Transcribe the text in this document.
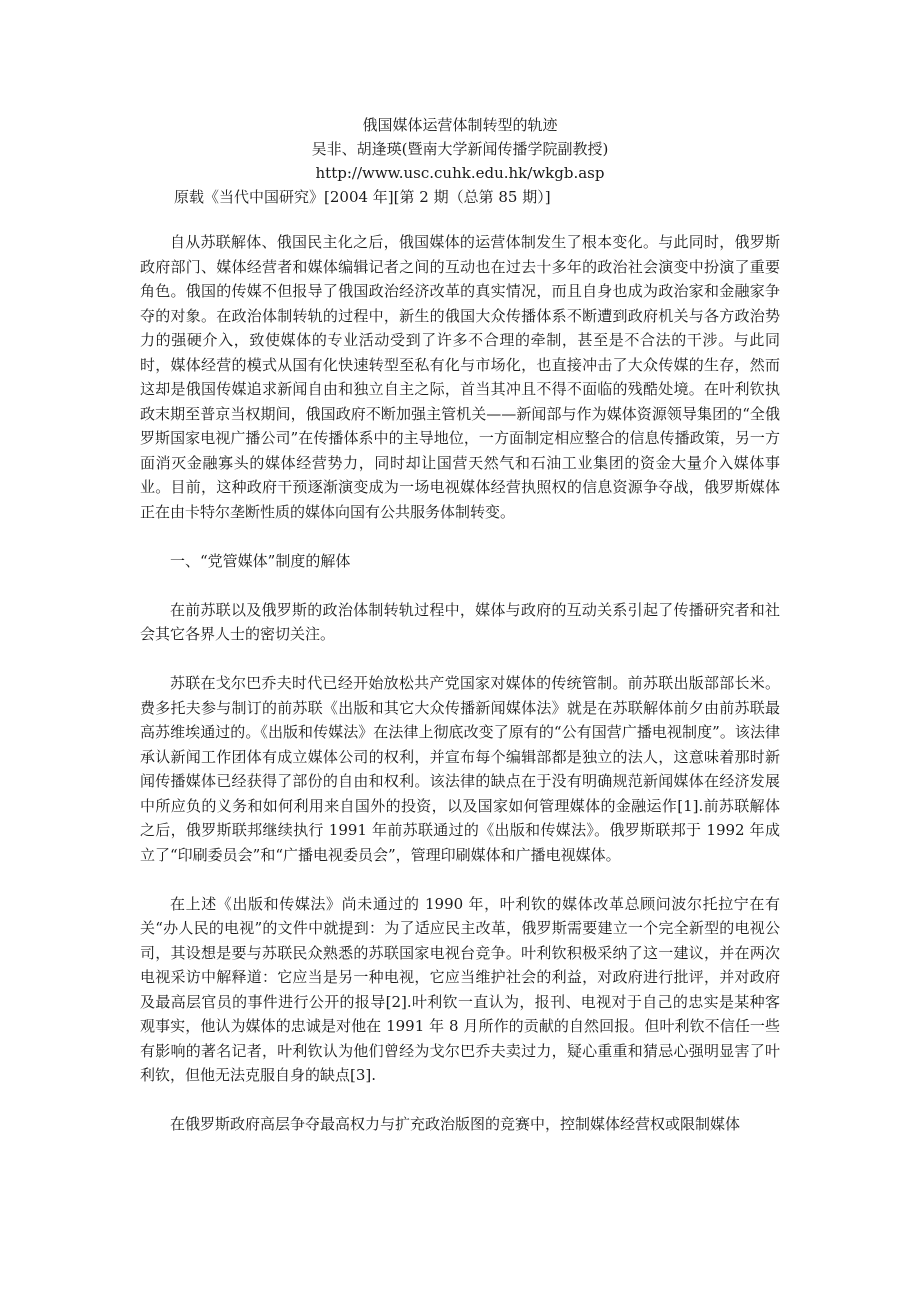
俄国媒体运营体制转型的轨迹
吴非、胡逢瑛(暨南大学新闻传播学院副教授)
http://www.usc.cuhk.edu.hk/wkgb.asp
原载《当代中国研究》[2004 年][第 2 期（总第 85 期）]

自从苏联解体、俄国民主化之后，俄国媒体的运营体制发生了根本变化。与此同时，俄罗斯政府部门、媒体经营者和媒体编辑记者之间的互动也在过去十多年的政治社会演变中扮演了重要角色。俄国的传媒不但报导了俄国政治经济改革的真实情况，而且自身也成为政治家和金融家争夺的对象。在政治体制转轨的过程中，新生的俄国大众传播体系不断遭到政府机关与各方政治势力的强硬介入，致使媒体的专业活动受到了许多不合理的牵制，甚至是不合法的干涉。与此同时，媒体经营的模式从国有化快速转型至私有化与市场化，也直接冲击了大众传媒的生存，然而这却是俄国传媒追求新闻自由和独立自主之际，首当其冲且不得不面临的残酷处境。在叶利钦执政末期至普京当权期间，俄国政府不断加强主管机关——新闻部与作为媒体资源领导集团的“全俄罗斯国家电视广播公司”在传播体系中的主导地位，一方面制定相应整合的信息传播政策，另一方面消灭金融寡头的媒体经营势力，同时却让国营天然气和石油工业集团的资金大量介入媒体事业。目前，这种政府干预逐渐演变成为一场电视媒体经营执照权的信息资源争夺战，俄罗斯媒体正在由卡特尔垄断性质的媒体向国有公共服务体制转变。

一、“党管媒体”制度的解体

在前苏联以及俄罗斯的政治体制转轨过程中，媒体与政府的互动关系引起了传播研究者和社会其它各界人士的密切关注。

苏联在戈尔巴乔夫时代已经开始放松共产党国家对媒体的传统管制。前苏联出版部部长米。费多托夫参与制订的前苏联《出版和其它大众传播新闻媒体法》就是在苏联解体前夕由前苏联最高苏维埃通过的。《出版和传媒法》在法律上彻底改变了原有的“公有国营广播电视制度”。该法律承认新闻工作团体有成立媒体公司的权利，并宣布每个编辑部都是独立的法人，这意味着那时新闻传播媒体已经获得了部份的自由和权利。该法律的缺点在于没有明确规范新闻媒体在经济发展中所应负的义务和如何利用来自国外的投资，以及国家如何管理媒体的金融运作[1].前苏联解体之后，俄罗斯联邦继续执行 1991 年前苏联通过的《出版和传媒法》。俄罗斯联邦于 1992 年成立了“印刷委员会”和“广播电视委员会”，管理印刷媒体和广播电视媒体。

在上述《出版和传媒法》尚未通过的 1990 年，叶利钦的媒体改革总顾问波尔托拉宁在有关“办人民的电视”的文件中就提到：为了适应民主改革，俄罗斯需要建立一个完全新型的电视公司，其设想是要与苏联民众熟悉的苏联国家电视台竞争。叶利钦积极采纳了这一建议，并在两次电视采访中解释道：它应当是另一种电视，它应当维护社会的利益，对政府进行批评，并对政府及最高层官员的事件进行公开的报导[2].叶利钦一直认为，报刊、电视对于自己的忠实是某种客观事实，他认为媒体的忠诚是对他在 1991 年 8 月所作的贡献的自然回报。但叶利钦不信任一些有影响的著名记者，叶利钦认为他们曾经为戈尔巴乔夫卖过力，疑心重重和猜忌心强明显害了叶利钦，但他无法克服自身的缺点[3].

在俄罗斯政府高层争夺最高权力与扩充政治版图的竞赛中，控制媒体经营权或限制媒体
